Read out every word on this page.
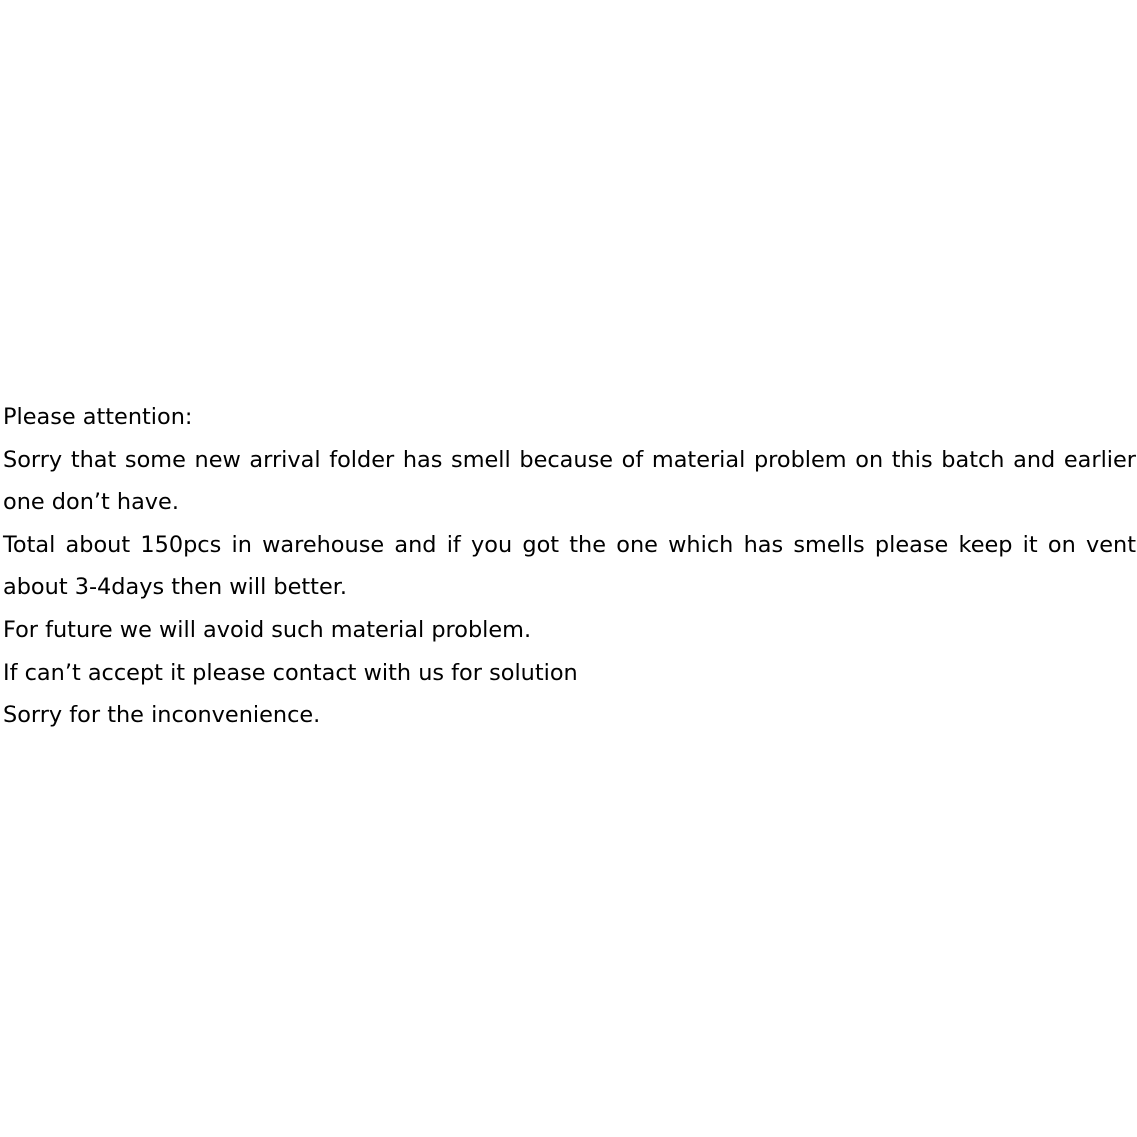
Please attention:

Sorry that some new arrival folder has smell because of material problem on this batch and earlier one don’t have.

Total about 150pcs in warehouse and if you got the one which has smells please keep it on vent about 3-4days then will better.

For future we will avoid such material problem.

If can’t accept it please contact with us for solution

Sorry for the inconvenience.
